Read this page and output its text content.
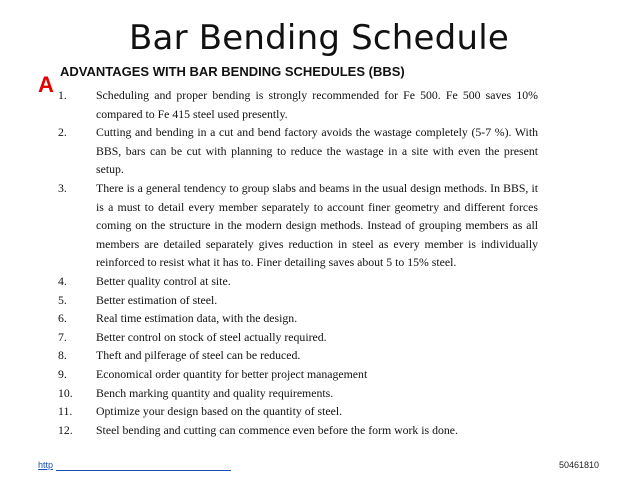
Bar Bending Schedule
A
ADVANTAGES WITH BAR BENDING SCHEDULES (BBS)
1.	Scheduling and proper bending is strongly recommended for Fe 500. Fe 500 saves 10% compared to Fe 415 steel used presently.
2.	Cutting and bending in a cut and bend factory avoids the wastage completely (5-7 %). With BBS, bars can be cut with planning to reduce the wastage in a site with even the present setup.
3.	There is a general tendency to group slabs and beams in the usual design methods. In BBS, it is a must to detail every member separately to account finer geometry and different forces coming on the structure in the modern design methods. Instead of grouping members as all members are detailed separately gives reduction in steel as every member is individually reinforced to resist what it has to. Finer detailing saves about 5 to 15% steel.
4.	Better quality control at site.
5.	Better estimation of steel.
6.	Real time estimation data, with the design.
7.	Better control on stock of steel actually required.
8.	Theft and pilferage of steel can be reduced.
9.	Economical order quantity for better project management
10.	Bench marking quantity and quality requirements.
11.	Optimize your design based on the quantity of steel.
12.	Steel bending and cutting can commence even before the form work is done.
http	50461810
